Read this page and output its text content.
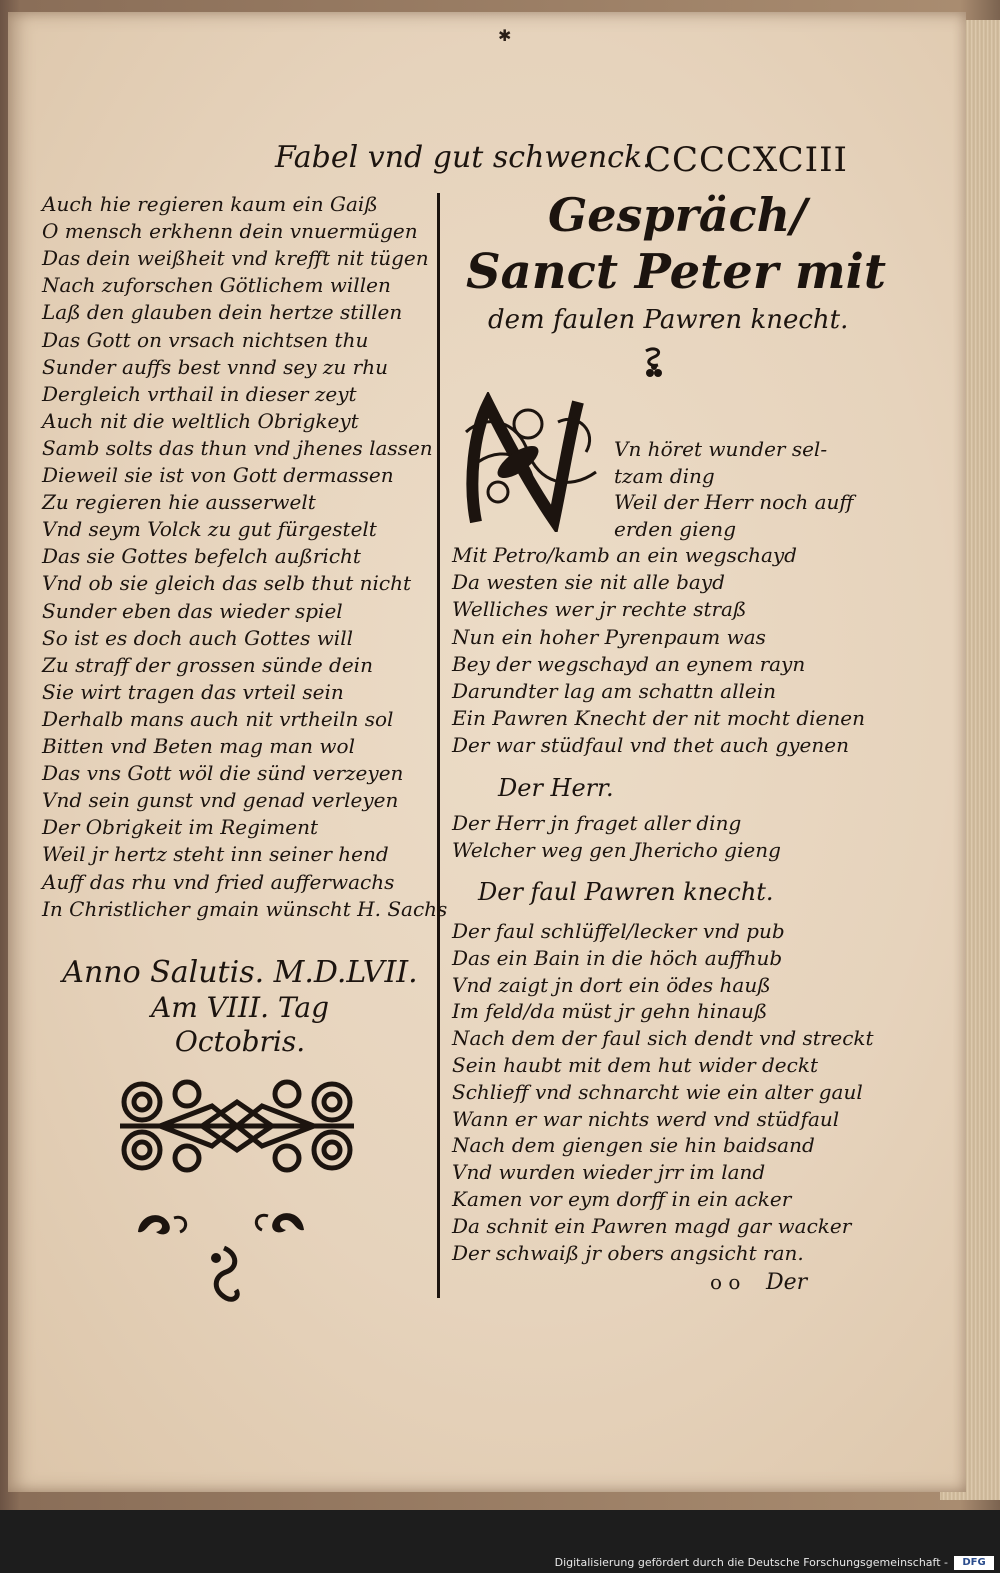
✱
Fabel vnd gut schwenck.
CCCCXCIII
Auch hie regieren kaum ein Gaiß
O mensch erkhenn dein vnuermügen
Das dein weißheit vnd krefft nit tügen
Nach zuforschen Götlichem willen
Laß den glauben dein hertze stillen
Das Gott on vrsach nichtsen thu
Sunder auffs best vnnd sey zu rhu
Dergleich vrthail in dieser zeyt
Auch nit die weltlich Obrigkeyt
Samb solts das thun vnd jhenes lassen
Dieweil sie ist von Gott dermassen
Zu regieren hie ausserwelt
Vnd seym Volck zu gut fürgestelt
Das sie Gottes befelch außricht
Vnd ob sie gleich das selb thut nicht
Sunder eben das wieder spiel
So ist es doch auch Gottes will
Zu straff der grossen sünde dein
Sie wirt tragen das vrteil sein
Derhalb mans auch nit vrtheiln sol
Bitten vnd Beten mag man wol
Das vns Gott wöl die sünd verzeyen
Vnd sein gunst vnd genad verleyen
Der Obrigkeit im Regiment
Weil jr hertz steht inn seiner hend
Auff das rhu vnd fried aufferwachs
In Christlicher gmain wünscht H. Sachs
Anno Salutis. M.D.LVII.
Am VIII. Tag
Octobris.
Gespräch/
Sanct Peter mit
dem faulen Pawren knecht.
Vn höret wunder sel-
tzam ding
Weil der Herr noch auff
erden gieng
Mit Petro/kamb an ein wegschayd
Da westen sie nit alle bayd
Welliches wer jr rechte straß
Nun ein hoher Pyrenpaum was
Bey der wegschayd an eynem rayn
Darundter lag am schattn allein
Ein Pawren Knecht der nit mocht dienen
Der war stüdfaul vnd thet auch gyenen
Der Herr.
Der Herr jn fraget aller ding
Welcher weg gen Jhericho gieng
Der faul Pawren knecht.
Der faul schlüffel/lecker vnd pub
Das ein Bain in die höch auffhub
Vnd zaigt jn dort ein ödes hauß
Im feld/da müst jr gehn hinauß
Nach dem der faul sich dendt vnd streckt
Sein haubt mit dem hut wider deckt
Schlieff vnd schnarcht wie ein alter gaul
Wann er war nichts werd vnd stüdfaul
Nach dem giengen sie hin baidsand
Vnd wurden wieder jrr im land
Kamen vor eym dorff in ein acker
Da schnit ein Pawren magd gar wacker
Der schwaiß jr obers angsicht ran.
o o Der
Digitalisierung gefördert durch die Deutsche Forschungsgemeinschaft -	DFG
